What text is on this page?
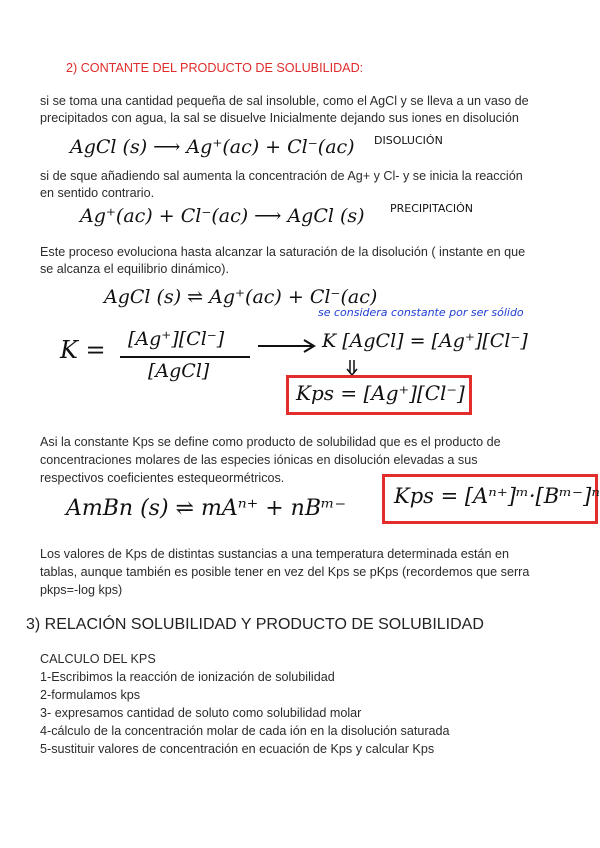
2) CONTANTE DEL PRODUCTO DE SOLUBILIDAD:
si se toma una cantidad pequeña de sal insoluble, como el AgCl y se lleva a un vaso de
precipitados con agua, la sal se disuelve Inicialmente dejando sus iones en disolución
AgCl (s) ⟶ Ag⁺(ac) + Cl⁻(ac) DISOLUCIÓN
si de sque añadiendo sal aumenta la concentración de Ag+ y Cl- y se inicia la reacción
en sentido contrario.
Ag⁺(ac) + Cl⁻(ac) ⟶ AgCl (s) PRECIPITACIÓN
Este proceso evoluciona hasta alcanzar la saturación de la disolución ( instante en que
se alcanza el equilibrio dinámico).
AgCl (s) ⇌ Ag⁺(ac) + Cl⁻(ac)
se considera constante por ser sólido
K = [Ag⁺][Cl⁻]
[AgCl]
K [AgCl] = [Ag⁺][Cl⁻]
Kps = [Ag⁺][Cl⁻]
Asi la constante Kps se define como producto de solubilidad que es el producto de
concentraciones molares de las especies iónicas en disolución elevadas a sus
respectivos coeficientes estequeormétricos.
AmBn (s) ⇌ mAⁿ⁺ + nBᵐ⁻ Kps = [Aⁿ⁺]ᵐ·[Bᵐ⁻]ⁿ
Los valores de Kps de distintas sustancias a una temperatura determinada están en
tablas, aunque también es posible tener en vez del Kps se pKps (recordemos que serra
pkps=-log kps)
3) RELACIÓN SOLUBILIDAD Y PRODUCTO DE SOLUBILIDAD
CALCULO DEL KPS
1-Escribimos la reacción de ionización de solubilidad
2-formulamos kps
3- expresamos cantidad de soluto como solubilidad molar
4-cálculo de la concentración molar de cada ión en la disolución saturada
5-sustituir valores de concentración en ecuación de Kps y calcular Kps
